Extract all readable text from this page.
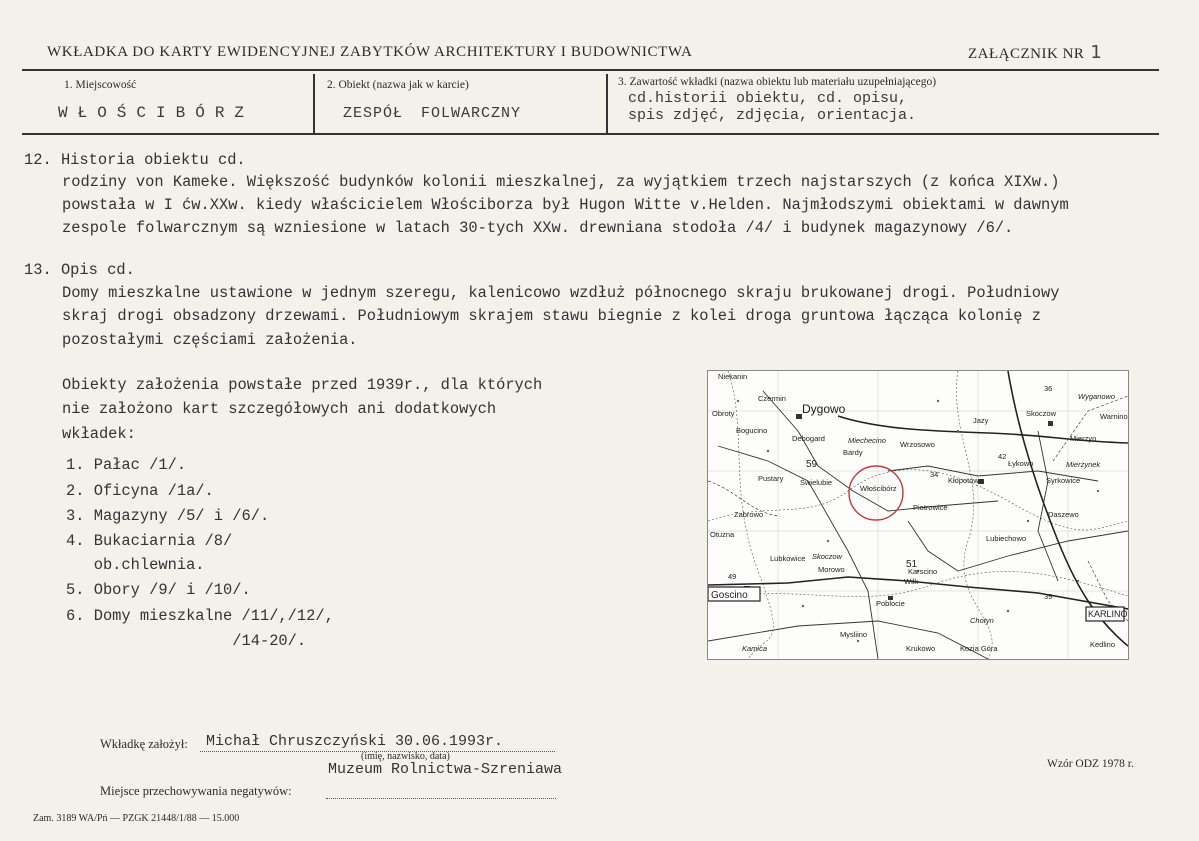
WKŁADKA DO KARTY EWIDENCYJNEJ ZABYTKÓW ARCHITEKTURY I BUDOWNICTWA	ZAŁĄCZNIK NR 1
1. Miejscowość
WŁOŚCIBÓRZ
2. Obiekt (nazwa jak w karcie)
ZESPÓŁ FOLWARCZNY
3. Zawartość wkładki (nazwa obiektu lub materiału uzupełniającego)
cd.historii obiektu, cd. opisu,
spis zdjęć, zdjęcia, orientacja.
12. Historia obiektu cd.
rodziny von Kameke. Większość budynków kolonii mieszkalnej, za wyjątkiem trzech najstarszych (z końca XIXw.)
powstała w I ćw.XXw. kiedy właścicielem Włościborza był Hugon Witte v.Helden. Najmłodszymi obiektami w dawnym
zespole folwarcznym są wzniesione w latach 30-tych XXw. drewniana stodoła /4/ i budynek magazynowy /6/.
13. Opis cd.
Domy mieszkalne ustawione w jednym szeregu, kalenicowo wzdłuż północnego skraju brukowanej drogi. Południowy
skraj drogi obsadzony drzewami. Południowym skrajem stawu biegnie z kolei droga gruntowa łącząca kolonię z
pozostałymi częściami założenia.
Obiekty założenia powstałe przed 1939r., dla których
nie założono kart szczegółowych ani dodatkowych
wkładek:
1. Pałac /1/.
2. Oficyna /1a/.
3. Magazyny /5/ i /6/.
4. Bukaciarnia /8/
ob.chlewnia.
5. Obory /9/ i /10/.
6. Domy mieszkalne /11/,/12/,
/14-20/.
Niekanin
Czermin
Dygowo
Obroty
Bogucino
Debogard	Miechecino
Bardy
Wrzosowo
Jazy
Skoczow
Wyganowo
Warnino
Mierzyn
Mierzynek
Łykowo
Syrkowice
Pustary Świelubie
Włościbórz
Kłopotowo
Piotrowice
Daszewo
Zabrowo
Otuzna	Lubiechowo
Lubkowice Skoczow
Morowo	Karscino
Wilk
Goscino
KARLINO
Poblocie
Chotyn
Mysliino
Kamica	Krukowo	Kozia Góra	Kedlino
59
51
34
42
36
39
49
Wkładkę założył: Michał Chruszczyński 30.06.1993r.
(imię, nazwisko, data)
Muzeum Rolnictwa-Szreniawa
Miejsce przechowywania negatywów:
Wzór ODZ 1978 r.
Zam. 3189 WA/Pń — PZGK 21448/1/88 — 15.000
